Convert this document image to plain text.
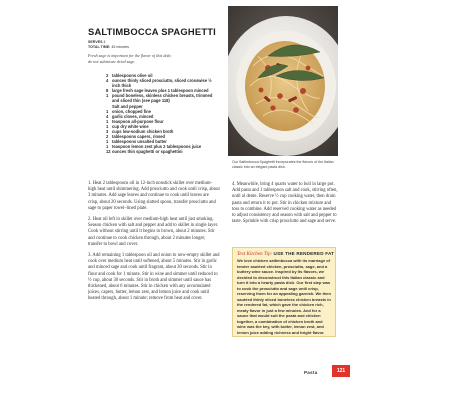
SALTIMBOCCA SPAGHETTI
SERVES 4
TOTAL TIME: 45 minutes
Fresh sage is important for the flavor of this dish; do not substitute dried sage.
2 tablespoons olive oil
4 ounces thinly sliced prosciutto, sliced crosswise ½ inch thick
8 large fresh sage leaves plus 1 tablespoon minced
1 pound boneless, skinless chicken breasts, trimmed and sliced thin (see page 118)
Salt and pepper
1 onion, chopped fine
4 garlic cloves, minced
1 teaspoon all-purpose flour
1 cup dry white wine
3 cups low-sodium chicken broth
2 tablespoons capers, rinsed
1 tablespoons unsalted butter
1 teaspoon lemon zest plus 2 tablespoons juice
12 ounces thin spaghetti or spaghettini

1. Heat 2 tablespoons oil in 12-inch nonstick skillet over medium-high heat until shimmering. Add prosciutto and cook until crisp, about 3 minutes. Add sage leaves and continue to cook until leaves are crisp, about 20 seconds. Using slotted spoon, transfer prosciutto and sage to paper towel–lined plate.

2. Heat oil left in skillet over medium-high heat until just smoking. Season chicken with salt and pepper and add to skillet in single layer. Cook without stirring until it begins to brown, about 2 minutes. Stir and continue to cook chicken through, about 2 minutes longer; transfer to bowl and cover.

3. Add remaining 1 tablespoon oil and onion to now-empty skillet and cook over medium heat until softened, about 5 minutes. Stir in garlic and minced sage and cook until fragrant, about 30 seconds. Stir in flour and cook for 1 minute. Stir in wine and simmer until reduced to ½ cup, about 30 seconds. Stir in broth and simmer until sauce has thickened, about 6 minutes. Stir in chicken with any accumulated juices, capers, butter, lemon zest, and lemon juice and cook until heated through, about 1 minute; remove from heat and cover.

Our Saltimbocca Spaghetti incorporates the flavors of the Italian classic into an elegant pasta dish.

4. Meanwhile, bring 4 quarts water to boil in large pot. Add pasta and 1 tablespoon salt and cook, stirring often, until al dente. Reserve ½ cup cooking water, then drain pasta and return it to pot. Stir in chicken mixture and toss to combine. Add reserved cooking water as needed to adjust consistency and season with salt and pepper to taste. Sprinkle with crisp prosciutto and sage and serve.

Test Kitchen Tip: USE THE RENDERED FAT
We love chicken saltimbocca with its marriage of tender sautéed chicken, prosciutto, sage, and a buttery wine sauce. Inspired by its flavors, we decided to deconstruct this Italian classic and turn it into a hearty pasta dish. Our first step was to cook the prosciutto and sage until crisp, reserving them for an appealing garnish. We then sautéed thinly sliced boneless chicken breasts in the rendered fat, which gave the chicken rich, meaty flavor in just a few minutes. And for a sauce that would suit the pasta and chicken together, a combination of chicken broth and wine was the key, with butter, lemon zest, and lemon juice adding richness and bright flavor.
Pasta	121
